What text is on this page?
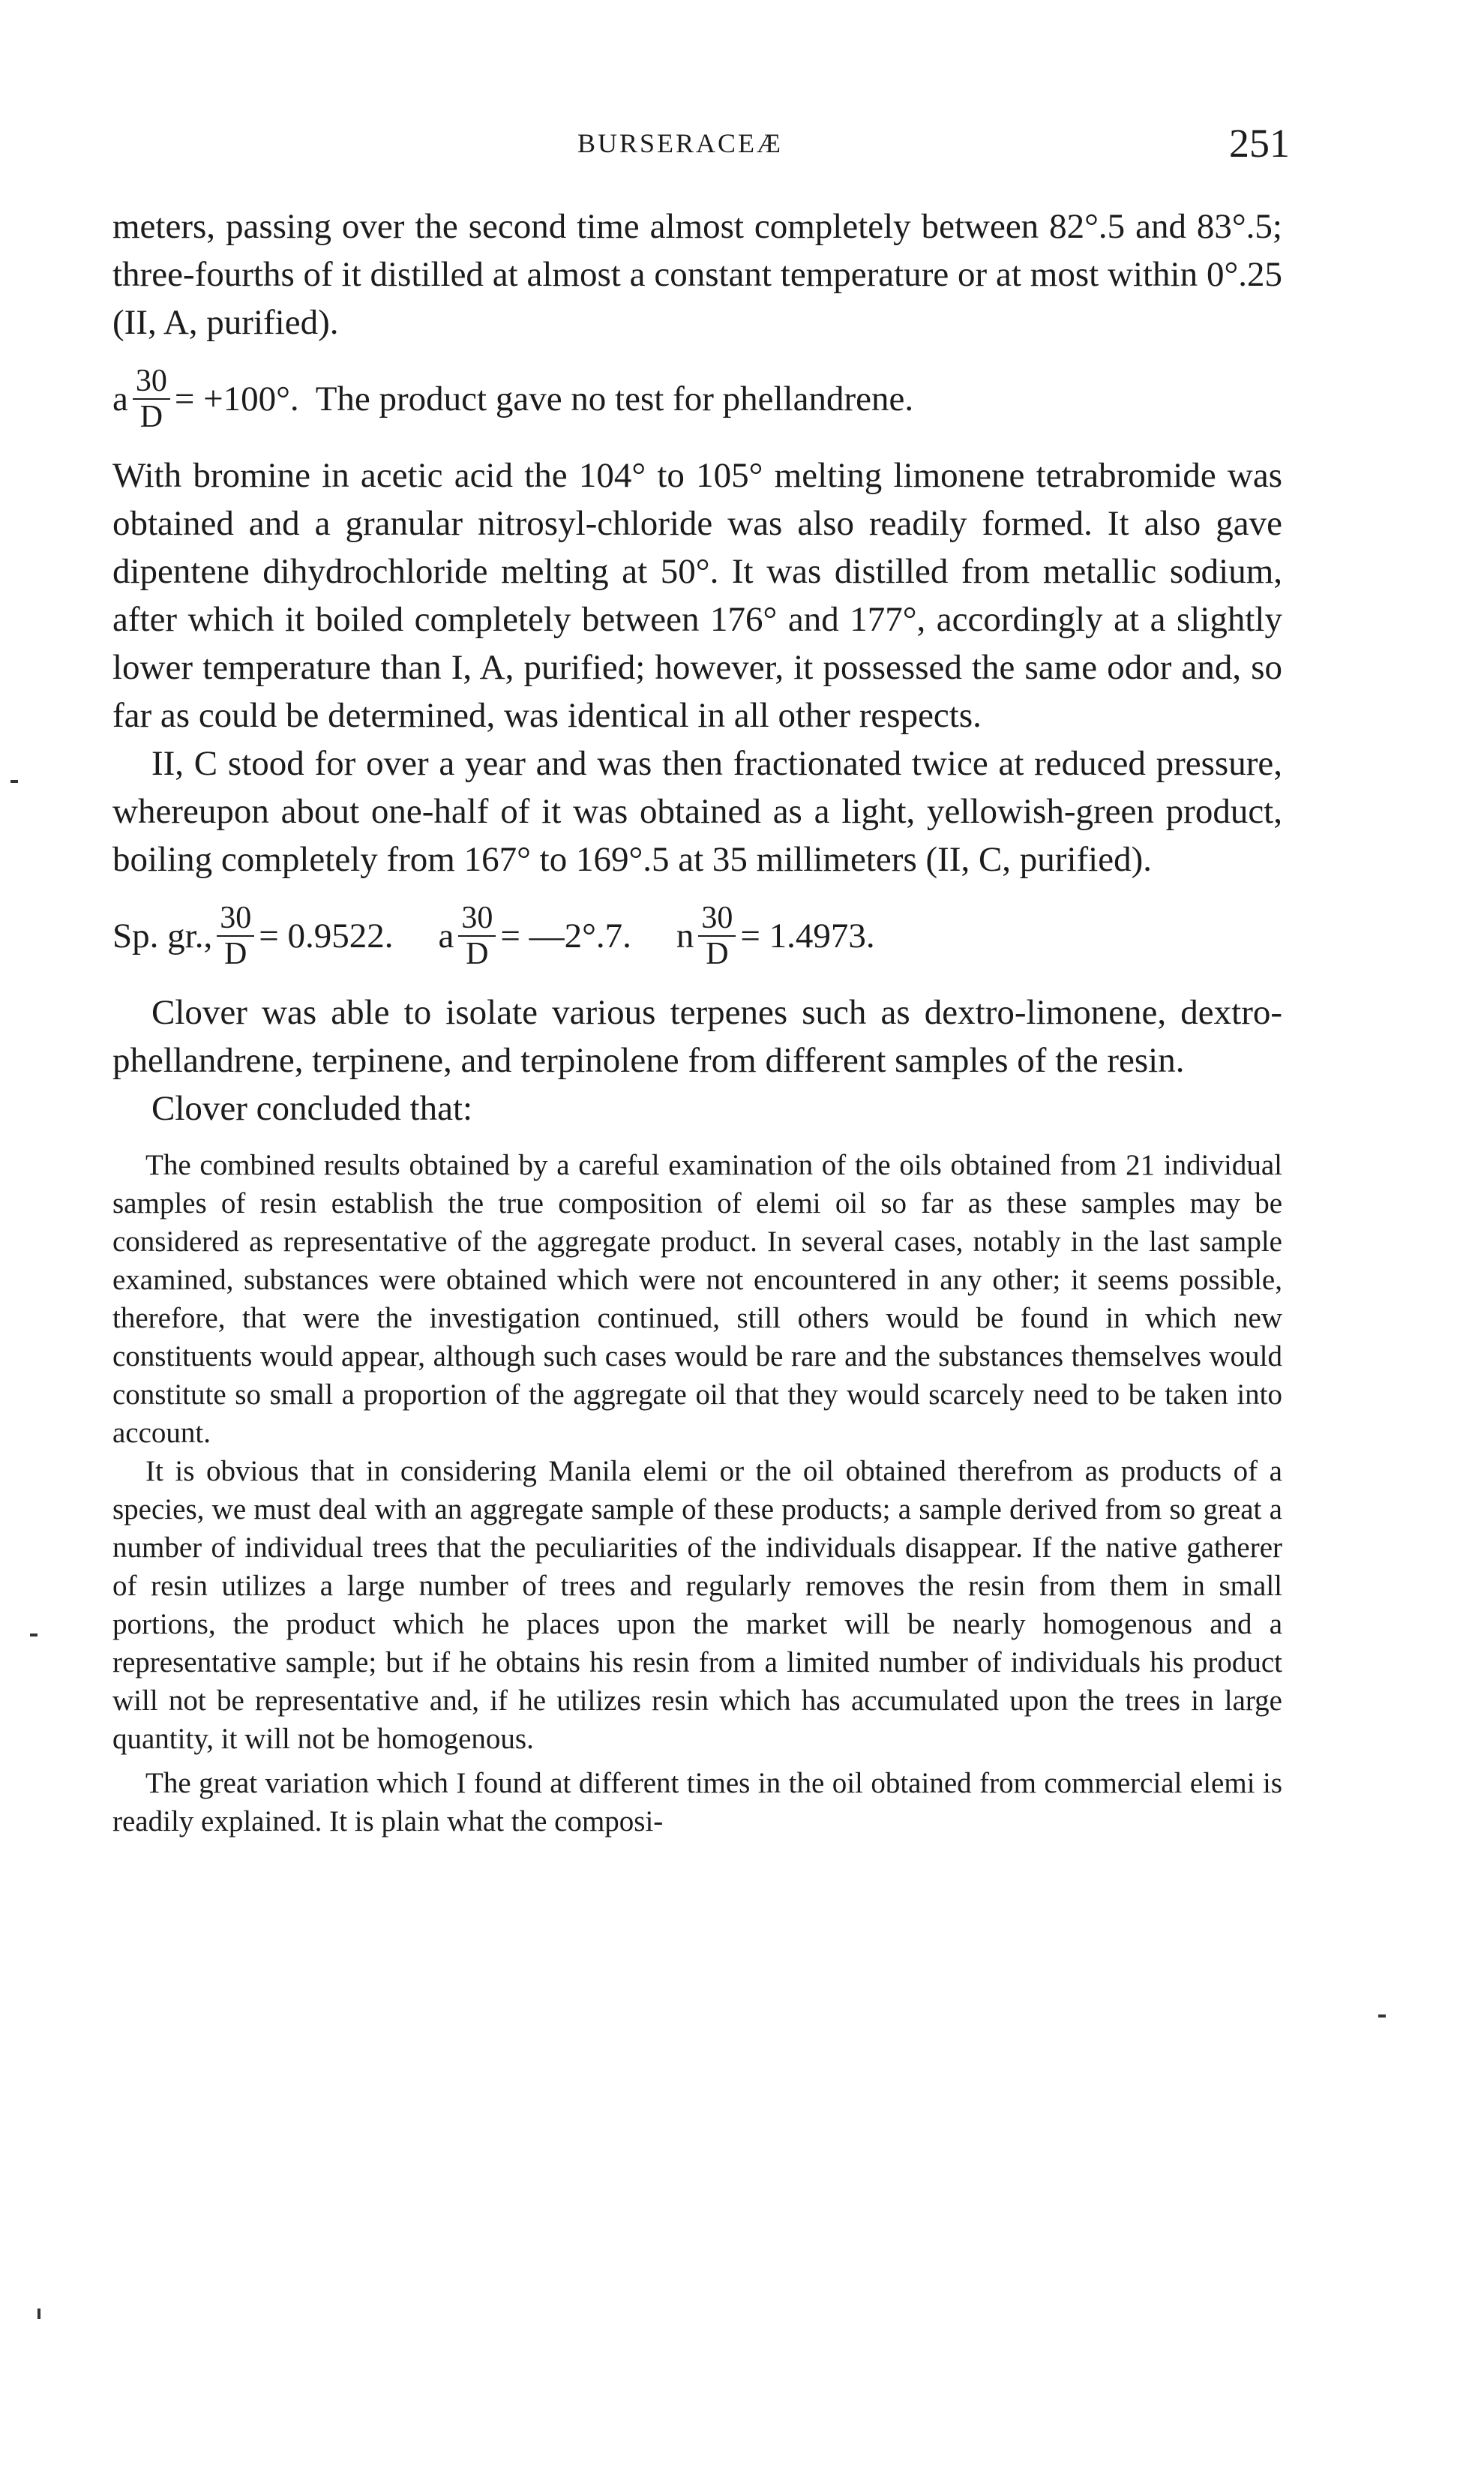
BURSERACEÆ	251

meters, passing over the second time almost completely between 82°.5 and 83°.5; three-fourths of it distilled at almost a constant temperature or at most within 0°.25 (II, A, purified).

a $\frac{30}{D} = +100^\circ$. The product gave no test for phellandrene.

With bromine in acetic acid the 104° to 105° melting limonene tetrabromide was obtained and a granular nitrosyl-chloride was also readily formed. It also gave dipentene dihydrochloride melting at 50°. It was distilled from metallic sodium, after which it boiled completely between 176° and 177°, accordingly at a slightly lower temperature than I, A, purified; however, it possessed the same odor and, so far as could be determined, was identical in all other respects.

II, C stood for over a year and was then fractionated twice at reduced pressure, whereupon about one-half of it was obtained as a light, yellowish-green product, boiling completely from 167° to 169°.5 at 35 millimeters (II, C, purified).

Sp. gr., $\frac{30}{D} = 0.9522$. a $\frac{30}{D}$ = —2°.7. n $\frac{30}{D} = 1.4973$.

Clover was able to isolate various terpenes such as dextro-limonene, dextro-phellandrene, terpinene, and terpinolene from different samples of the resin.

Clover concluded that:

The combined results obtained by a careful examination of the oils obtained from 21 individual samples of resin establish the true composition of elemi oil so far as these samples may be considered as representative of the aggregate product. In several cases, notably in the last sample examined, substances were obtained which were not encountered in any other; it seems possible, therefore, that were the investigation continued, still others would be found in which new constituents would appear, although such cases would be rare and the substances themselves would constitute so small a proportion of the aggregate oil that they would scarcely need to be taken into account.

It is obvious that in considering Manila elemi or the oil obtained therefrom as products of a species, we must deal with an aggregate sample of these products; a sample derived from so great a number of individual trees that the peculiarities of the individuals disappear. If the native gatherer of resin utilizes a large number of trees and regularly removes the resin from them in small portions, the product which he places upon the market will be nearly homogenous and a representative sample; but if he obtains his resin from a limited number of individuals his product will not be representative and, if he utilizes resin which has accumulated upon the trees in large quantity, it will not be homogenous.

The great variation which I found at different times in the oil obtained from commercial elemi is readily explained. It is plain what the composi-
